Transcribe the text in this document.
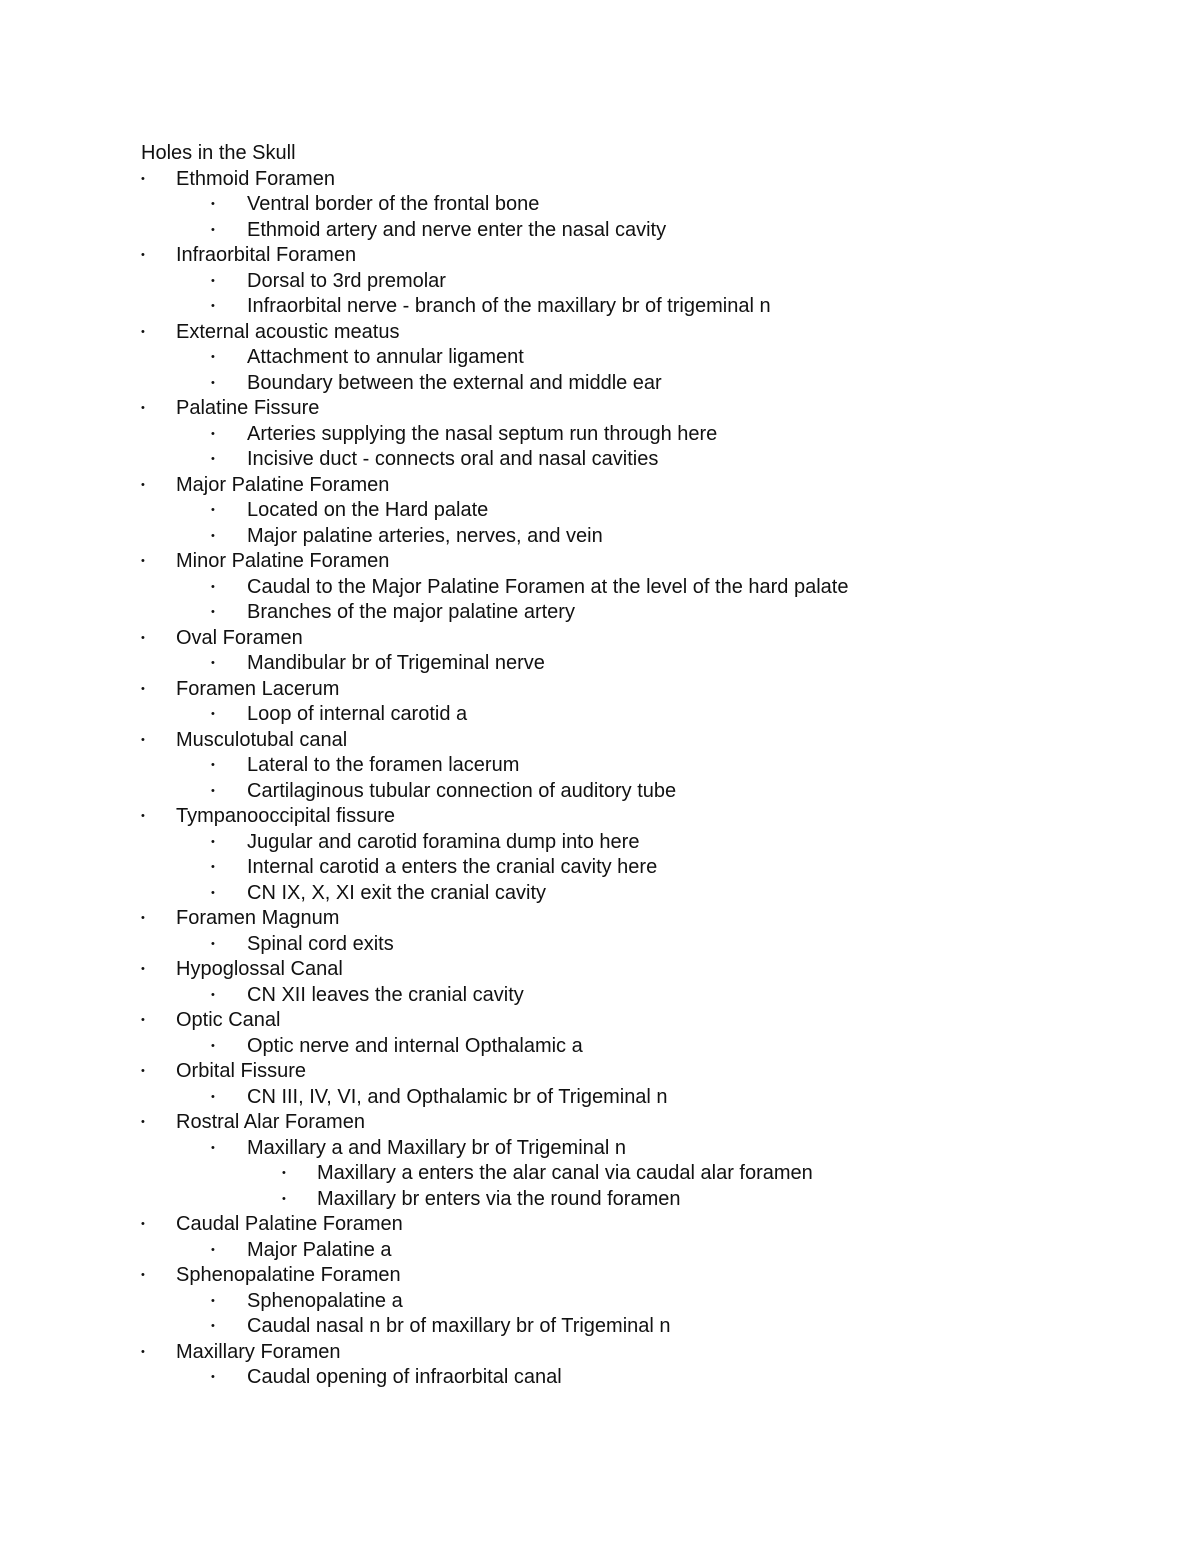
Holes in the Skull
• Ethmoid Foramen
• Ventral border of the frontal bone
• Ethmoid artery and nerve enter the nasal cavity
• Infraorbital Foramen
• Dorsal to 3rd premolar
• Infraorbital nerve - branch of the maxillary br of trigeminal n
• External acoustic meatus
• Attachment to annular ligament
• Boundary between the external and middle ear
• Palatine Fissure
• Arteries supplying the nasal septum run through here
• Incisive duct - connects oral and nasal cavities
• Major Palatine Foramen
• Located on the Hard palate
• Major palatine arteries, nerves, and vein
• Minor Palatine Foramen
• Caudal to the Major Palatine Foramen at the level of the hard palate
• Branches of the major palatine artery
• Oval Foramen
• Mandibular br of Trigeminal nerve
• Foramen Lacerum
• Loop of internal carotid a
• Musculotubal canal
• Lateral to the foramen lacerum
• Cartilaginous tubular connection of auditory tube
• Tympanooccipital fissure
• Jugular and carotid foramina dump into here
• Internal carotid a enters the cranial cavity here
• CN IX, X, XI exit the cranial cavity
• Foramen Magnum
• Spinal cord exits
• Hypoglossal Canal
• CN XII leaves the cranial cavity
• Optic Canal
• Optic nerve and internal Opthalamic a
• Orbital Fissure
• CN III, IV, VI, and Opthalamic br of Trigeminal n
• Rostral Alar Foramen
• Maxillary a and Maxillary br of Trigeminal n
• Maxillary a enters the alar canal via caudal alar foramen
• Maxillary br enters via the round foramen
• Caudal Palatine Foramen
• Major Palatine a
• Sphenopalatine Foramen
• Sphenopalatine a
• Caudal nasal n br of maxillary br of Trigeminal n
• Maxillary Foramen
• Caudal opening of infraorbital canal
